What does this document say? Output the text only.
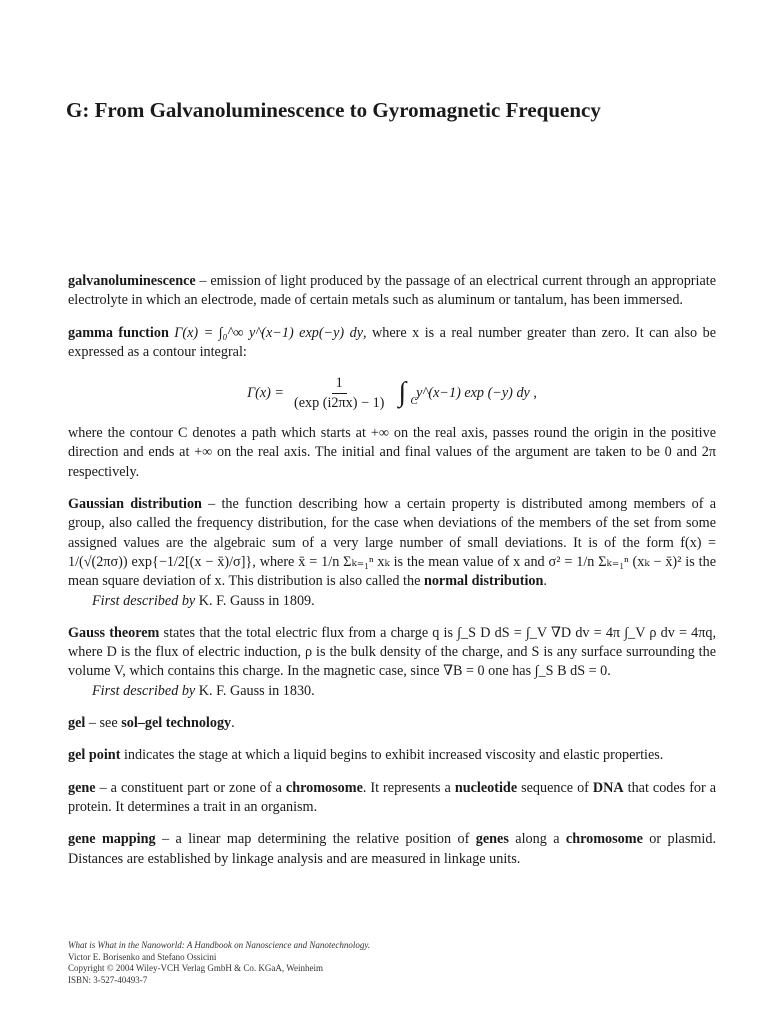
G: From Galvanoluminescence to Gyromagnetic Frequency

galvanoluminescence – emission of light produced by the passage of an electrical current through an appropriate electrolyte in which an electrode, made of certain metals such as aluminum or tantalum, has been immersed.

gamma function Γ(x) = ∫₀^∞ y^(x−1) exp(−y) dy, where x is a real number greater than zero. It can also be expressed as a contour integral:

$\Gamma(x) = \frac{1}{(\exp (i2\pi x) - 1)}$ ∫ C
y^(x−1) exp (−y) dy ,

where the contour C denotes a path which starts at +∞ on the real axis, passes round the origin in the positive direction and ends at +∞ on the real axis. The initial and final values of the argument are taken to be 0 and 2π respectively.

Gaussian distribution – the function describing how a certain property is distributed among members of a group, also called the frequency distribution, for the case when deviations of the members of the set from some assigned values are the algebraic sum of a very large number of small deviations. It is of the form f(x) = 1/(√(2πσ)) exp{−1/2[(x − x̄)/σ]}, where x̄ = 1/n Σₖ₌₁ⁿ xₖ is the mean value of x and σ² = 1/n Σₖ₌₁ⁿ (xₖ − x̄)² is the mean square deviation of x. This distribution is also called the normal distribution.

First described by K. F. Gauss in 1809.

Gauss theorem states that the total electric flux from a charge q is ∫_S D dS = ∫_V ∇D dv = 4π ∫_V ρ dv = 4πq, where D is the flux of electric induction, ρ is the bulk density of the charge, and S is any surface surrounding the volume V, which contains this charge. In the magnetic case, since ∇B = 0 one has ∫_S B dS = 0.

First described by K. F. Gauss in 1830.

gel – see sol–gel technology.

gel point indicates the stage at which a liquid begins to exhibit increased viscosity and elastic properties.

gene – a constituent part or zone of a chromosome. It represents a nucleotide sequence of DNA that codes for a protein. It determines a trait in an organism.

gene mapping – a linear map determining the relative position of genes along a chromosome or plasmid. Distances are established by linkage analysis and are measured in linkage units.

What is What in the Nanoworld: A Handbook on Nanoscience and Nanotechnology.

Victor E. Borisenko and Stefano Ossicini

Copyright © 2004 Wiley-VCH Verlag GmbH & Co. KGaA, Weinheim

ISBN: 3-527-40493-7
